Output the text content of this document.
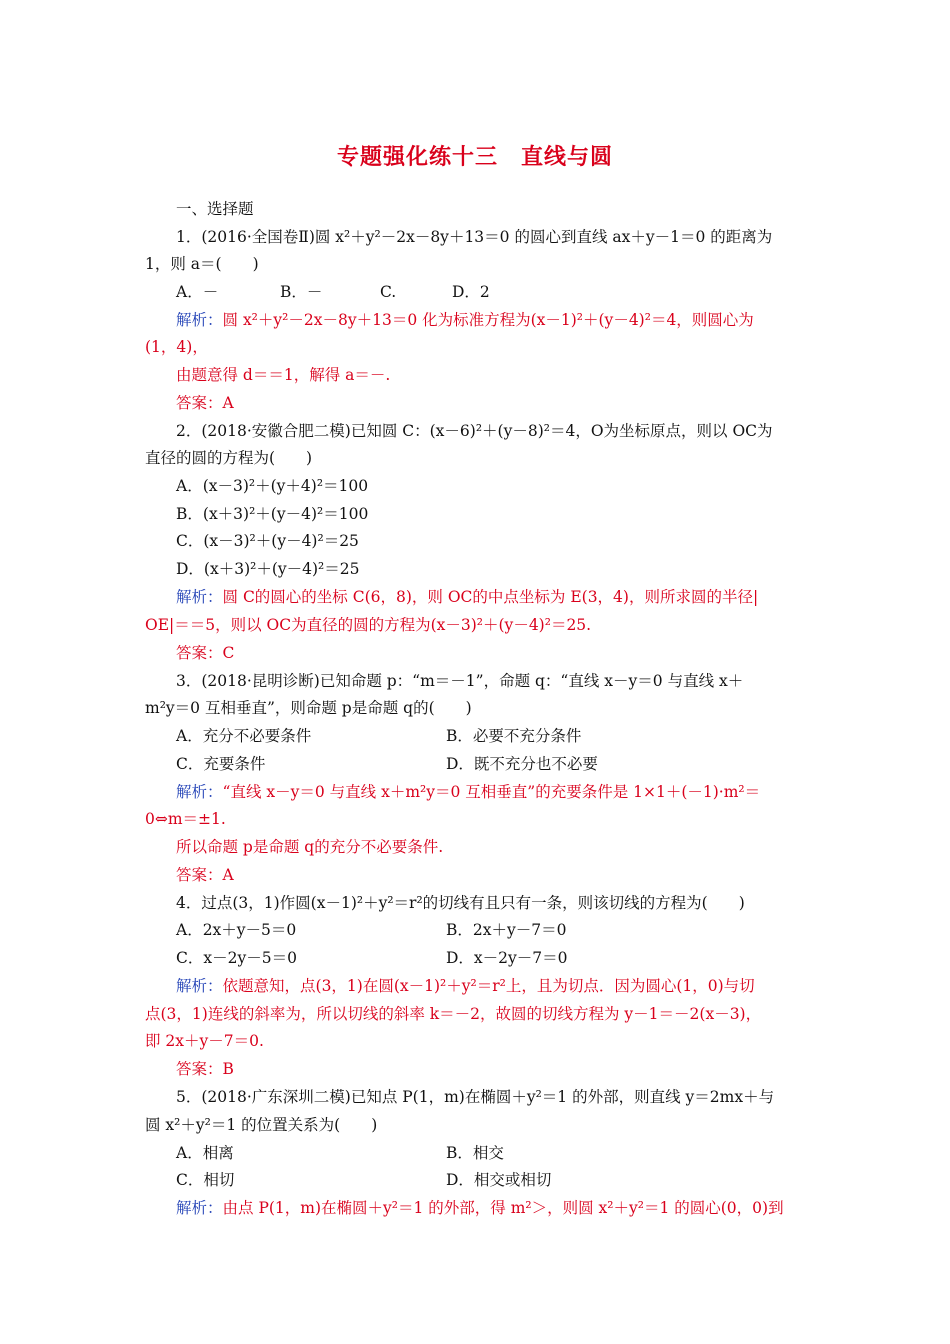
专题强化练十三　直线与圆
一、选择题
1．(2016·全国卷Ⅱ)圆 x²＋y²－2x－8y＋13＝0 的圆心到直线 ax＋y－1＝0 的距离为
1，则 a＝(　　)
A．－	B．－	C.	D．2
解析：圆 x²＋y²－2x－8y＋13＝0 化为标准方程为(x－1)²＋(y－4)²＝4，则圆心为
(1，4)，
由题意得 d＝＝1，解得 a＝－.
答案：A
2．(2018·安徽合肥二模)已知圆 C：(x－6)²＋(y－8)²＝4，O为坐标原点，则以 OC为
直径的圆的方程为(　　)
A．(x－3)²＋(y＋4)²＝100
B．(x＋3)²＋(y－4)²＝100
C．(x－3)²＋(y－4)²＝25
D．(x＋3)²＋(y－4)²＝25
解析：圆 C的圆心的坐标 C(6，8)，则 OC的中点坐标为 E(3，4)，则所求圆的半径|
OE|＝＝5，则以 OC为直径的圆的方程为(x－3)²＋(y－4)²＝25.
答案：C
3．(2018·昆明诊断)已知命题 p：“m＝－1”，命题 q：“直线 x－y＝0 与直线 x＋
m²y＝0 互相垂直”，则命题 p是命题 q的(　　)
A．充分不必要条件	B．必要不充分条件
C．充要条件	D．既不充分也不必要
解析：“直线 x－y＝0 与直线 x＋m²y＝0 互相垂直”的充要条件是 1×1＋(－1)·m²＝
0⇔m＝±1.
所以命题 p是命题 q的充分不必要条件.
答案：A
4．过点(3，1)作圆(x－1)²＋y²＝r²的切线有且只有一条，则该切线的方程为(　　)
A．2x＋y－5＝0	B．2x＋y－7＝0
C．x－2y－5＝0	D．x－2y－7＝0
解析：依题意知，点(3，1)在圆(x－1)²＋y²＝r²上，且为切点．因为圆心(1，0)与切
点(3，1)连线的斜率为，所以切线的斜率 k＝－2，故圆的切线方程为 y－1＝－2(x－3)，
即 2x＋y－7＝0.
答案：B
5．(2018·广东深圳二模)已知点 P(1，m)在椭圆＋y²＝1 的外部，则直线 y＝2mx＋与
圆 x²＋y²＝1 的位置关系为(　　)
A．相离	B．相交
C．相切	D．相交或相切
解析：由点 P(1，m)在椭圆＋y²＝1 的外部，得 m²＞，则圆 x²＋y²＝1 的圆心(0，0)到
